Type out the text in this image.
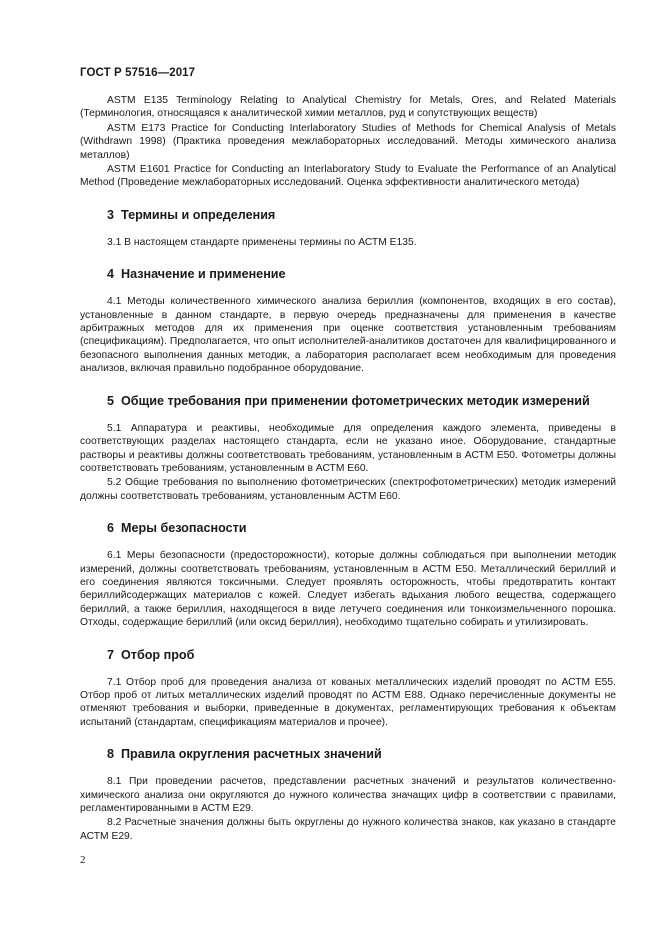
ГОСТ Р 57516—2017

ASTM E135 Terminology Relating to Analytical Chemistry for Metals, Ores, and Related Materials (Терминология, относящаяся к аналитической химии металлов, руд и сопутствующих веществ)

ASTM E173 Practice for Conducting Interlaboratory Studies of Methods for Chemical Analysis of Metals (Withdrawn 1998) (Практика проведения межлабораторных исследований. Методы химического анализа металлов)

ASTM E1601 Practice for Conducting an Interlaboratory Study to Evaluate the Performance of an Analytical Method (Проведение межлабораторных исследований. Оценка эффективности аналитического метода)

3 Термины и определения

3.1 В настоящем стандарте применены термины по АСТМ Е135.

4 Назначение и применение

4.1 Методы количественного химического анализа бериллия (компонентов, входящих в его состав), установленные в данном стандарте, в первую очередь предназначены для применения в качестве арбитражных методов для их применения при оценке соответствия установленным требованиям (спецификациям). Предполагается, что опыт исполнителей-аналитиков достаточен для квалифицированного и безопасного выполнения данных методик, а лаборатория располагает всем необходимым для проведения анализов, включая правильно подобранное оборудование.

5 Общие требования при применении фотометрических методик измерений

5.1 Аппаратура и реактивы, необходимые для определения каждого элемента, приведены в соответствующих разделах настоящего стандарта, если не указано иное. Оборудование, стандартные растворы и реактивы должны соответствовать требованиям, установленным в АСТМ Е50. Фотометры должны соответствовать требованиям, установленным в АСТМ Е60.

5.2 Общие требования по выполнению фотометрических (спектрофотометрических) методик измерений должны соответствовать требованиям, установленным АСТМ Е60.

6 Меры безопасности

6.1 Меры безопасности (предосторожности), которые должны соблюдаться при выполнении методик измерений, должны соответствовать требованиям, установленным в АСТМ Е50. Металлический бериллий и его соединения являются токсичными. Следует проявлять осторожность, чтобы предотвратить контакт бериллийсодержащих материалов с кожей. Следует избегать вдыхания любого вещества, содержащего бериллий, а также бериллия, находящегося в виде летучего соединения или тонкоизмельченного порошка. Отходы, содержащие бериллий (или оксид бериллия), необходимо тщательно собирать и утилизировать.

7 Отбор проб

7.1 Отбор проб для проведения анализа от кованых металлических изделий проводят по АСТМ Е55. Отбор проб от литых металлических изделий проводят по АСТМ Е88. Однако перечисленные документы не отменяют требования и выборки, приведенные в документах, регламентирующих требования к объектам испытаний (стандартам, спецификациям материалов и прочее).

8 Правила округления расчетных значений

8.1 При проведении расчетов, представлении расчетных значений и результатов количественно-химического анализа они округляются до нужного количества значащих цифр в соответствии с правилами, регламентированными в АСТМ Е29.

8.2 Расчетные значения должны быть округлены до нужного количества знаков, как указано в стандарте АСТМ Е29.

2
